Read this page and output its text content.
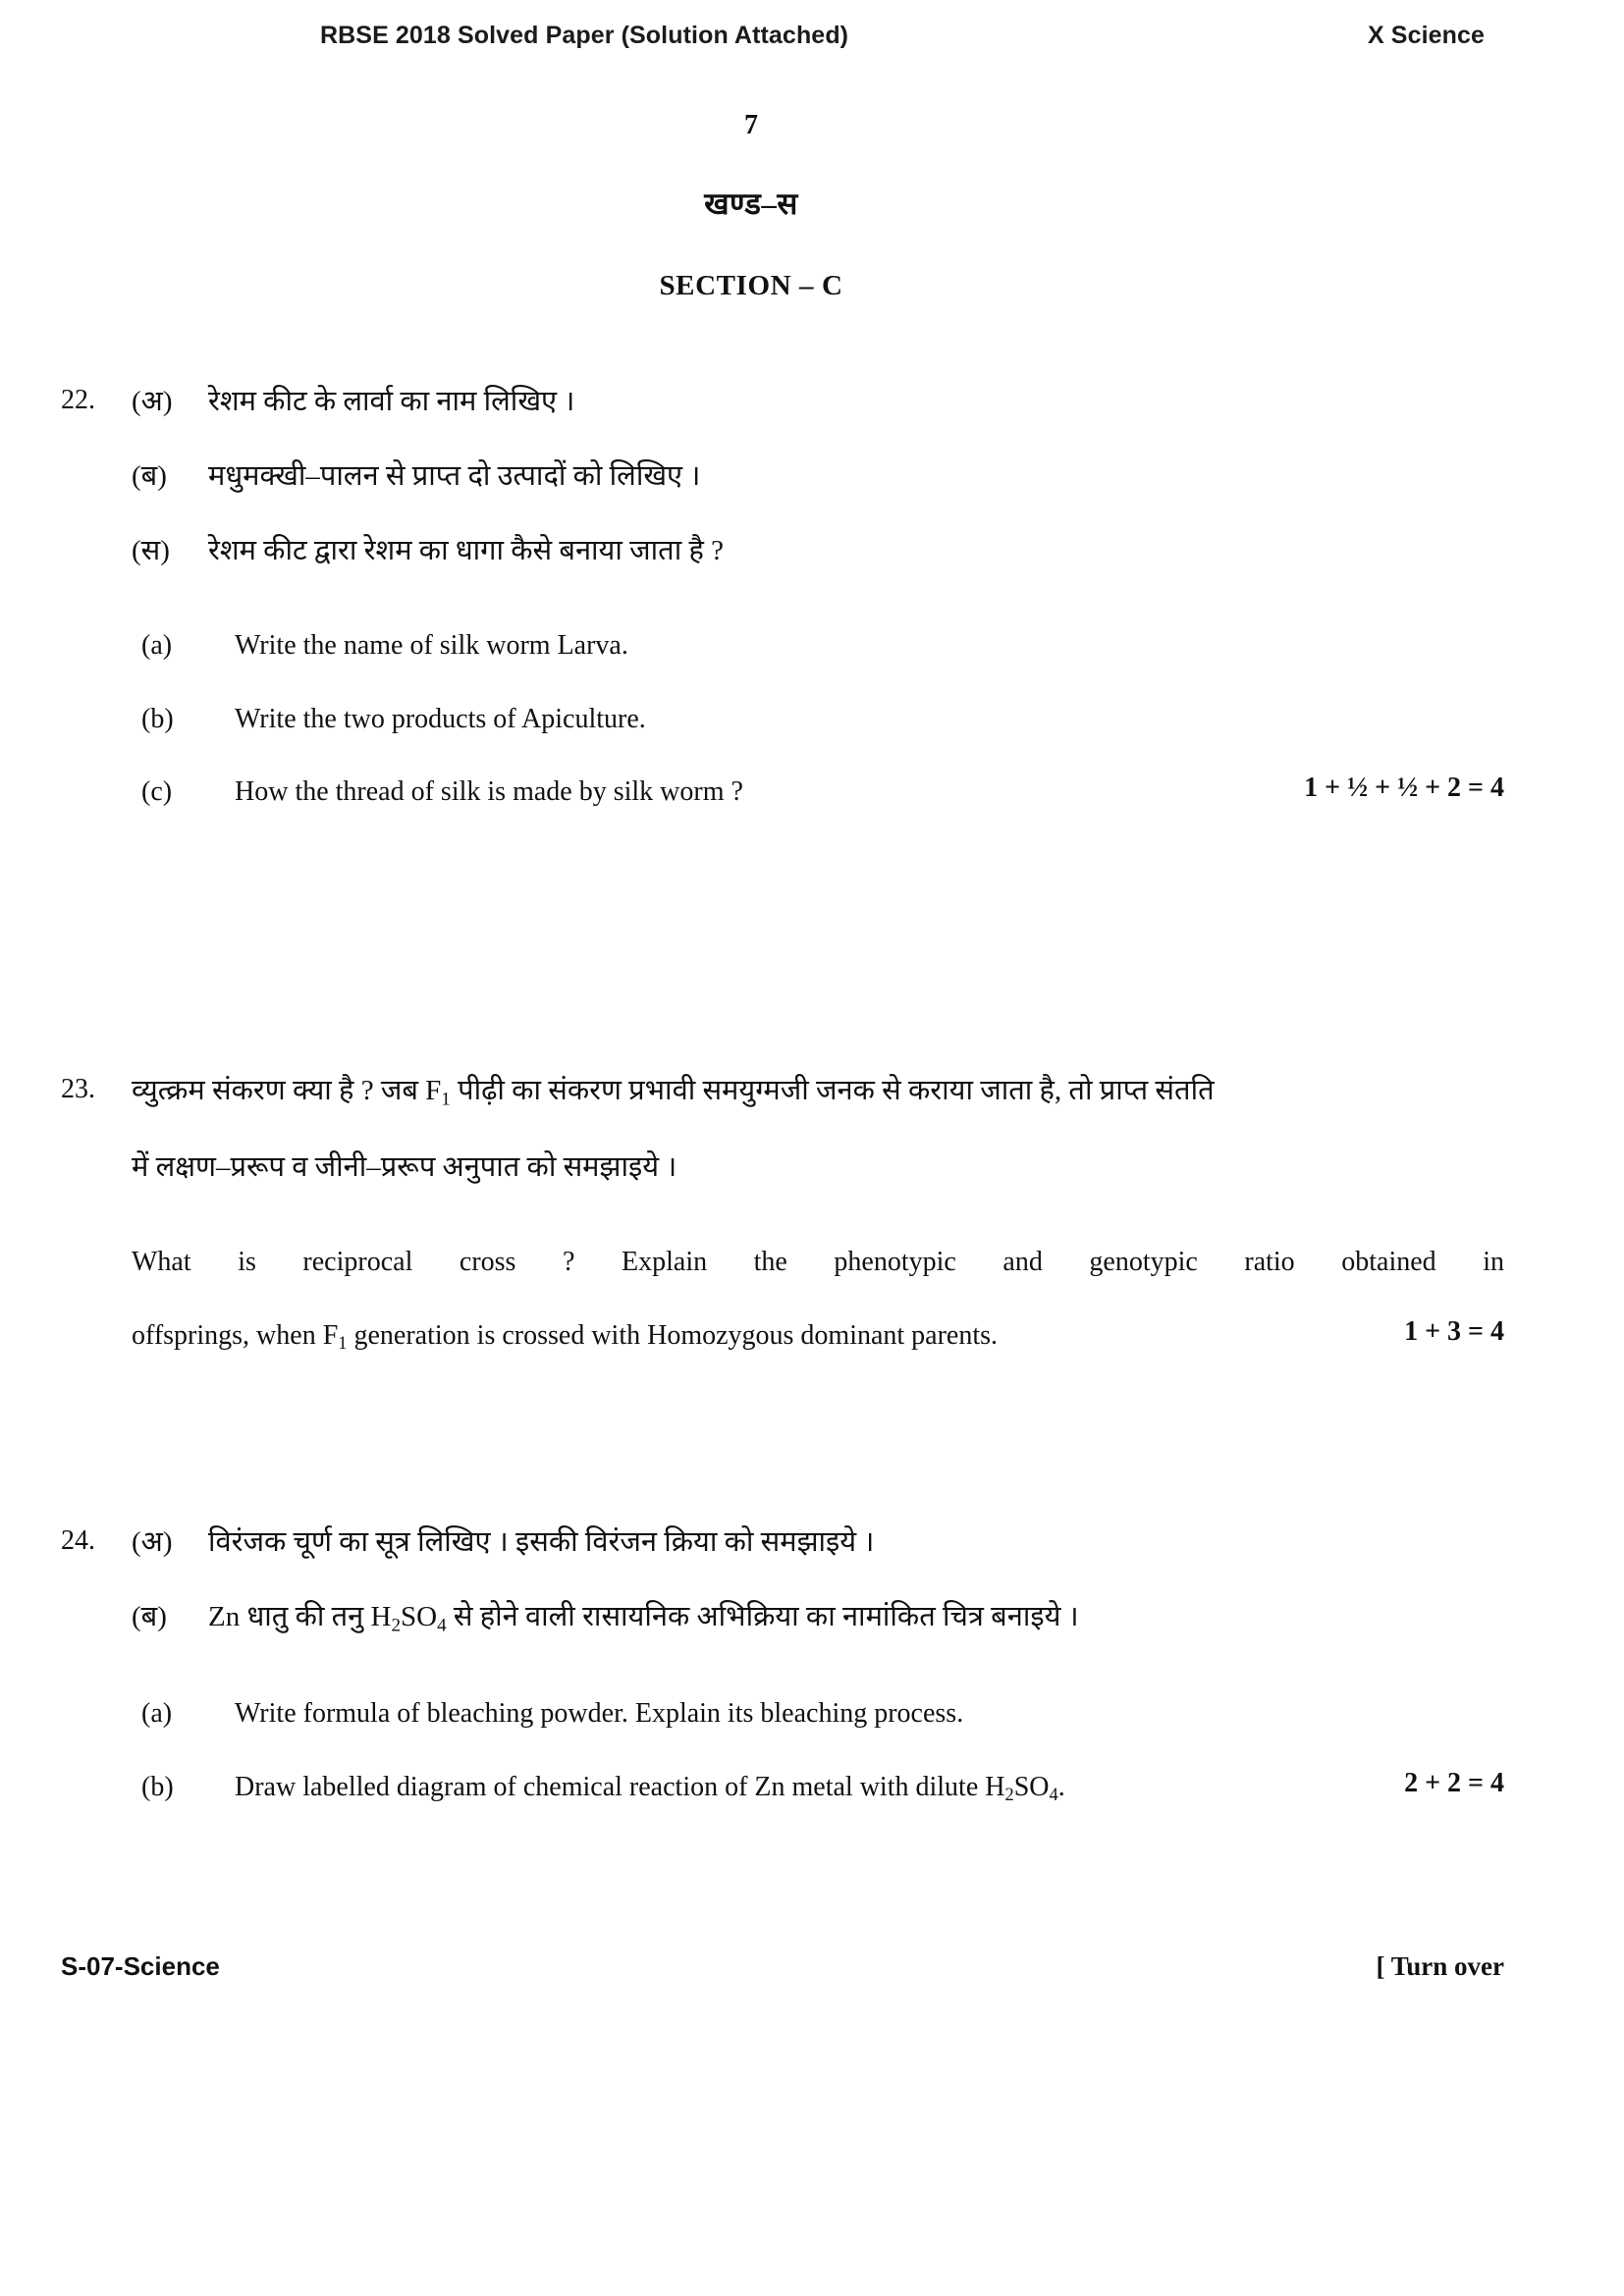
RBSE 2018 Solved Paper (Solution Attached)	X Science
7
खण्ड–स
SECTION – C
22.	(अ)	रेशम कीट के लार्वा का नाम लिखिए ।
(ब)	मधुमक्खी–पालन से प्राप्त दो उत्पादों को लिखिए ।
(स)	रेशम कीट द्वारा रेशम का धागा कैसे बनाया जाता है ?
(a)	Write the name of silk worm Larva.
(b)	Write the two products of Apiculture.
(c)	How the thread of silk is made by silk worm ?	1 + ½ + ½ + 2 = 4
23.	व्युत्क्रम संकरण क्या है ? जब $F_1$ पीढ़ी का संकरण प्रभावी समयुग्मजी जनक से कराया जाता है, तो प्राप्त संतति
में लक्षण–प्ररूप व जीनी–प्ररूप अनुपात को समझाइये ।
What is reciprocal cross ? Explain the phenotypic and genotypic ratio obtained in
offsprings, when $F_1$ generation is crossed with Homozygous dominant parents.	1 + 3 = 4
24.	(अ)	विरंजक चूर्ण का सूत्र लिखिए । इसकी विरंजन क्रिया को समझाइये ।
(ब)	Zn धातु की तनु $H_2SO_4$ से होने वाली रासायनिक अभिक्रिया का नामांकित चित्र बनाइये ।
(a)	Write formula of bleaching powder. Explain its bleaching process.
(b)	Draw labelled diagram of chemical reaction of Zn metal with dilute $H_2SO_4$.	2 + 2 = 4
S-07-Science	[ Turn over
